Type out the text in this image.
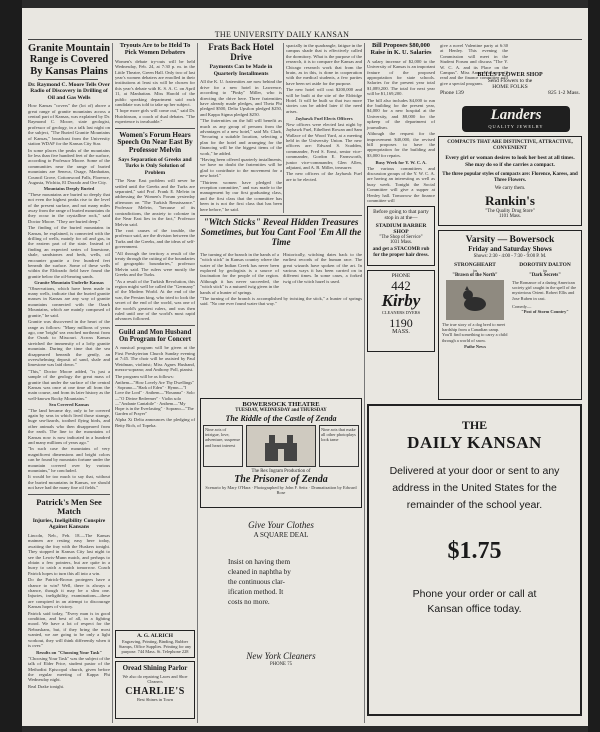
THE UNIVERSITY DAILY KANSAN
Granite Mountain Range is Covered By Kansas Plains
Dr. Raymond C. Moore Tells Over Radio of Discovery in Drilling of Oil and Gas Wells
How Kansas "covers" the (lot of) above a great range of granite mountains across a central part of Kansas, was explained by Dr. Raymond C. Moore, state geologist, professor of geology, in a talk last night on the subject, "The Buried Granite Mountains of Kansas," broadcast from the University station WDAF for the Kansas City Star.
In some places the peaks of the mountains lie less than five hundred feet of the surface, according to Professor Moore. Some of the communities near the range of buried mountains are Seneca, Osage, Manhattan, Council Grove, Cottonwood Falls, Florence, Augusta, Wichita, El Dorado and Ore City.
Mountains Deeply Buried
"These mountains are buried so deeply that not even the highest peaks rise to the level of the present surface, and not many miles away from the range of buried mountains do they occur in the crystalline rock," said Doctor Moore. "They are buried deep."
The finding of the buried mountains in Kansas, he explained, is connected with the drilling of wells, mainly for oil and gas, in the eastern part of the state. Instead of finding an expected series of limestone, shale, sandstones and beds, wells, oil encounter granite a few hundred feet beneath the surface. Some of these wells within the Eldorado field have found the granite below the oil-bearing sands.
Granite Mountain Underlie Kansas
"Observations, which have been made in many wells, indicate that the buried granite masses in Kansas are any way of granite mountains connected with the Ozark Mountains, which are mainly composed of granite," he said.
Granite was discovered in the heart of the range as follows: "Many millions of years ago, one 'bright' sea reached northeast from the Ozark to Missouri. Across Kansas stretched the immensity of a lofty granite mountain. During the time that the sea disappeared beneath the gently, an overwhelming deposit of sand, shale and limestone was laid down."
"This," Doctor Moore added, "is just a sample of the geology the great mass of granite that under the surface of the central Kansas was once at one time all from the main course, and from its later history as the well-known Rocky Mountains."
Sea Covered Kansas
"The land became dry, only to be covered again by seas in which lived those strange, huge sea-lizards, toothed flying birds, and other animals who then disappeared from the earth. The line to the mountains of Kansas now is now indicated in a hundred and many millions of years ago."
"In such case the mountains of very magnificent dimensions and bright colors can be found by mountain fortune under the mountain covered over by various mountains," he concluded.
It would be too much to say that, without the buried mountains in Kansas, we should not have had the many fine oil fields."
Patrick's Men See Match
Injuries, Ineligibility Conspire Against Kansans
Lincoln, Neb., Feb. 18.—The Kansas matmen are resting easy here today, awaiting the fray with the Huskers tonight. They stopped in Kansas City last night to see the Lewis-Munn match, and perhaps to obtain a few pointers, but are quite in a hurry to catch a match tomorrow. Coach Patrick hopes to turn this all into a win.
Do the Patrick-Brown protegees have a chance to win? Well, there is always a chance, though it may be a slim one. Injuries, ineligibility, examinations—these are conspired in an attempt to discourage Kansas hopes of victory.
Patrick said today, "Every man is in good condition, and best of all, in a fighting mood. We have a lot of respect for the Nebraskans, but, if they bring the most wanted, we are going to be only a light workout, they will think differently when it is over."
Results on "Choosing Your Task"
"Choosing Your Task" was the subject of the talk of Elder Price, student pastor of the Methodist Episcopal church, given before the regular meeting of Kappa Phi Wednesday night.
Real Drake tonight.
Tryouts Are to be Held To Pick Women Debaters
Women's debate try-outs will be held Wednesday, Feb. 24, at 7:30 p. m. in the Little Theatre, Green Hall. Only two of last year's women debaters are enrolled in their institutions at least six will be chosen for this year's debate with K. S. A. C. on April 11, at Manhattan. Miss Harold of the public speaking department said each candidate was told to take up her subject.
"I hope more girls will come out," said Dr. Hutchinson, a coach of dual debates. "The experience is invaluable."
Women's Forum Hears Speech On Near East By Professor Melvin
Says Separation of Greeks and Turks is Only Solution of Problem
"The Near East problem will never be settled until the Greeks and the Turks are separated," said Prof. Frank E. Melvin in addressing the Women's Forum yesterday afternoon on "The Turkish Renaissance." Professor Melvin, "because of its contradictions, the anxiety to colonize in the Near East lies in the fact," Professor Melvin said.
The root causes of the trouble, the professor said, are the division between the Turks and the Greeks, and the ideas of self-government.
"All through the territory a result of the treaty through the cutting of the boundaries of geographic boundaries," professor Melvin said. The rulers were mostly the Greeks and the Turks.
"As a result of the Turkish Revolution, this region might well be called the "Germany" of the Modern World. At the end of the war, the Persian king, who tried to look the secret of the end of the world, was one of the world's greatest rulers, and was then ruled until one of the world's most rapid advances followed.
Guild and Mon Husband On Program for Concert
A musical program will be given at the First Presbyterian Church Sunday evening at 7:45. The choir will be assisted by Paul Weidman, violinist; Miss Agnes Husband, mezzo-soprano; and Anthony Poll, pianist.
The program will be as follows:
Anthem—"How Lovely Are Thy Dwellings" · Soprano—"Hark of Eden" · Hymn—"I Love the Lord" · Anthem—"Hosanna" · Solo—"O Divine Redeemer" · Violin solo—"Andante Cantabile" · Anthem—"My Hope is in the Everlasting" · Soprano—"The Garden of Prayer"
Alpha Xi Delta announces the pledging of Betty Rich, of Topeka.
A. G. ALRICH
Engraving, Printing, Binding, Rubber Stamps, Office Supplies. Printing for any purpose. 744 Mass. St. Telephone 228
Oread Shining Parlor
We also do repairing Laces and Shoe Cleaners
CHARLIE'S
Best Shines in Town
Frats Back Hotel Drive
Payments Can be Made in Quarterly Installments
All the K. U. fraternities are now behind the drive for a new hotel in Lawrence, according to "Pinky" Miller, who is directing the drive here. Three fraternities have already made pledges, and Theta Phi pledged $500, Delta Upsilon pledged $250, and Kappa Sigma pledged $250.
"The fraternities on the hill will benefit as much as any group of persons from the advantages of a new hotel," said Mr. Clark, "Securing a suitable location, selecting a plan for the hotel and arranging for the financing will be the biggest items of the work," he added.
"Having been offered quarterly installments, we have no doubt the fraternities will be glad to contribute to the movement for a new hotel."
"Thirteen women have pledged the reception committee," and was made to the management by our first graduating class, and the first class that the committee has been in is not the first class that has been here before," he said.
spacially in the quadrangle, fatigue in the campus shade that is effectively called the dormitory. What is the purpose of the research, it is to compare the Kansas and Chicago research work that from the brain, as in this, is done in cooperation with the medical students, a few parties have been set aside for the purpose.
The new hotel will cost $200,000 and will be built at the site of the Eldridge Hotel. It will be built so that two more stories can be added later if the need arises.
Jayhawk Fuel Elects Officers
New officers were elected last night by Jayhawk Fuel, Ethelbert Rowan and Sam Wallace of the Wood Yard, at a meeting held in the University Union. The new officers are: Edward S. Scadden, commander, Fred S. Ernst, senior vice-commander, Gordon E. Farnsworth, junior vice-commander, Glen Allen, adjutant, and A. B. Miller, treasurer.
The new officers of the Jayhawk Fuel are to be elected.
"Witch Sticks" Reveal Hidden Treasures Sometimes, but You Cant Fool 'Em All the Time
The turning of the branch in the hands of a "witch stick" in Kansas country where the water of the Indian Creek has never been explored by geologists is a source of fascination for the people of the region. Although it has never succeeded, the "witch stick" is a nutured twig given in the hands of a hunter of springs.
Historically, witching dates back to the earliest records of the human race. The great wizards have spoken of the art. In various ways it has been carried on in different times. In some cases, a forked twig of the witch hazel is used.
"The turning of the branch is accomplished by twisting the stick," a hunter of springs said. "No one ever found water that way."
BOWERSOCK THEATRE
TUESDAY, WEDNESDAY and THURSDAY
The Riddle of the Castle of Zenda
Nine acts of intrigue, love, adventure, suspense and heart interest
Nine acts that make all other photoplays look tame
The Rex Ingram Production of
The Prisoner of Zenda
Scenario by Mary O'Hara · Photographed by John F. Seitz · Dramatization by Edward Rose
Give Your Clothes
A SQUARE DEAL
Insist on having them
cleaned in naphtha by
the continuous clar-
ification method. It
costs no more.
New York Cleaners
PHONE 75
Bill Proposes $80,000 Raise in K. U. Salaries
A salary increase of $2,000 to the University of Kansas is an important feature of the proposed appropriation for state schools. Salaries for the present year total $1,089,200. The total for next year will be $1,169,200.
The bill also includes $4,000 to run the building for the present year, $4,000 for a new hospital at the University, and $8,000 for the upkeep of the department of journalism.
Although the request for the improvement $40,000, the revised bill proposes to have the appropriation for the building and $3,000 for repairs.
Busy Week for Y. W. C. A.
The various committees and discussion groups of the Y. W. C. A. are having an interesting as well as busy week. Tonight the Social Committee will give a supper at Henley hall. Tomorrow the finance committee will
give a novel Valentine party at 6:30 at Henley. This evening the Commission will meet in the Student Forum and discuss "The Y. W. C. A. and its Place on the Campus". Miss Anne Wallace will read and the finance committee will give a special program.
BELLS FLOWER SHOP
Send Flowers to the
HOME FOLKS
Phone 139	825 1-2 Mass.
Landers
QUALITY JEWELRY
COMPACTS THAT ARE DISTINCTIVE, ATTRACTIVE, CONVENIENT
Every girl or woman desires to look her best at all times. She may do so if she carries a compact.
The three popular styles of compacts are: Florence, Karess, and Three Flowers.
We carry them.
Rankin's
"The Quality Drug Store"
1101 Mass.
Before going to that party
stop in at the—
STADIUM BARBER SHOP
"The Shop of Service"
1031 Mass.
and get a STACOMB rub
for the proper hair dress.
PHONE
442
Kirby
CLEANERS DYERS
1190
MASS.
Varsity — Bowersock
Friday and Saturday Shows
Shows: 2:30 - 4:00 - 7:30 - 9:00 P. M.
STRONGHEART
in
"Brawn of the North"
The true story of a dog bred to meet hardship from a Canadian camp. You'll find something to carry a child through a world of snow.
Pathe News
DOROTHY DALTON
in
"Dark Secrets"
The Romance of a daring American society girl caught in the spell of the mysterious Orient. Robert Ellis and Jose Ruben in cast.
Comedy—
"Post of Storm Country"
THE
DAILY KANSAN
Delivered at your door or sent to any address in the United States for the remainder of the school year.
$1.75
Phone your order or call at Kansan office today.
